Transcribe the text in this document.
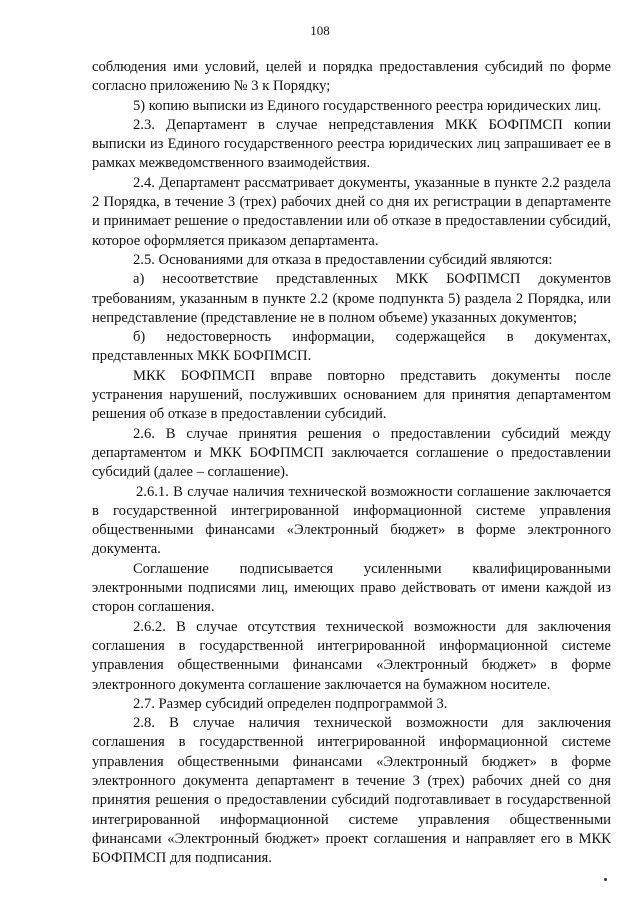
108

соблюдения ими условий, целей и порядка предоставления субсидий по форме согласно приложению № 3 к Порядку;

5) копию выписки из Единого государственного реестра юридических лиц.

2.3. Департамент в случае непредставления МКК БОФПМСП копии выписки из Единого государственного реестра юридических лиц запрашивает ее в рамках межведомственного взаимодействия.

2.4. Департамент рассматривает документы, указанные в пункте 2.2 раздела 2 Порядка, в течение 3 (трех) рабочих дней со дня их регистрации в департаменте и принимает решение о предоставлении или об отказе в предоставлении субсидий, которое оформляется приказом департамента.

2.5. Основаниями для отказа в предоставлении субсидий являются:

а) несоответствие представленных МКК БОФПМСП документов требованиям, указанным в пункте 2.2 (кроме подпункта 5) раздела 2 Порядка, или непредставление (представление не в полном объеме) указанных документов;

б) недостоверность информации, содержащейся в документах, представленных МКК БОФПМСП.

МКК БОФПМСП вправе повторно представить документы после устранения нарушений, послуживших основанием для принятия департаментом решения об отказе в предоставлении субсидий.

2.6. В случае принятия решения о предоставлении субсидий между департаментом и МКК БОФПМСП заключается соглашение о предоставлении субсидий (далее – соглашение).

2.6.1. В случае наличия технической возможности соглашение заключается в государственной интегрированной информационной системе управления общественными финансами «Электронный бюджет» в форме электронного документа.

Соглашение подписывается усиленными квалифицированными электронными подписями лиц, имеющих право действовать от имени каждой из сторон соглашения.

2.6.2. В случае отсутствия технической возможности для заключения соглашения в государственной интегрированной информационной системе управления общественными финансами «Электронный бюджет» в форме электронного документа соглашение заключается на бумажном носителе.

2.7. Размер субсидий определен подпрограммой 3.

2.8. В случае наличия технической возможности для заключения соглашения в государственной интегрированной информационной системе управления общественными финансами «Электронный бюджет» в форме электронного документа департамент в течение 3 (трех) рабочих дней со дня принятия решения о предоставлении субсидий подготавливает в государственной интегрированной информационной системе управления общественными финансами «Электронный бюджет» проект соглашения и направляет его в МКК БОФПМСП для подписания.
